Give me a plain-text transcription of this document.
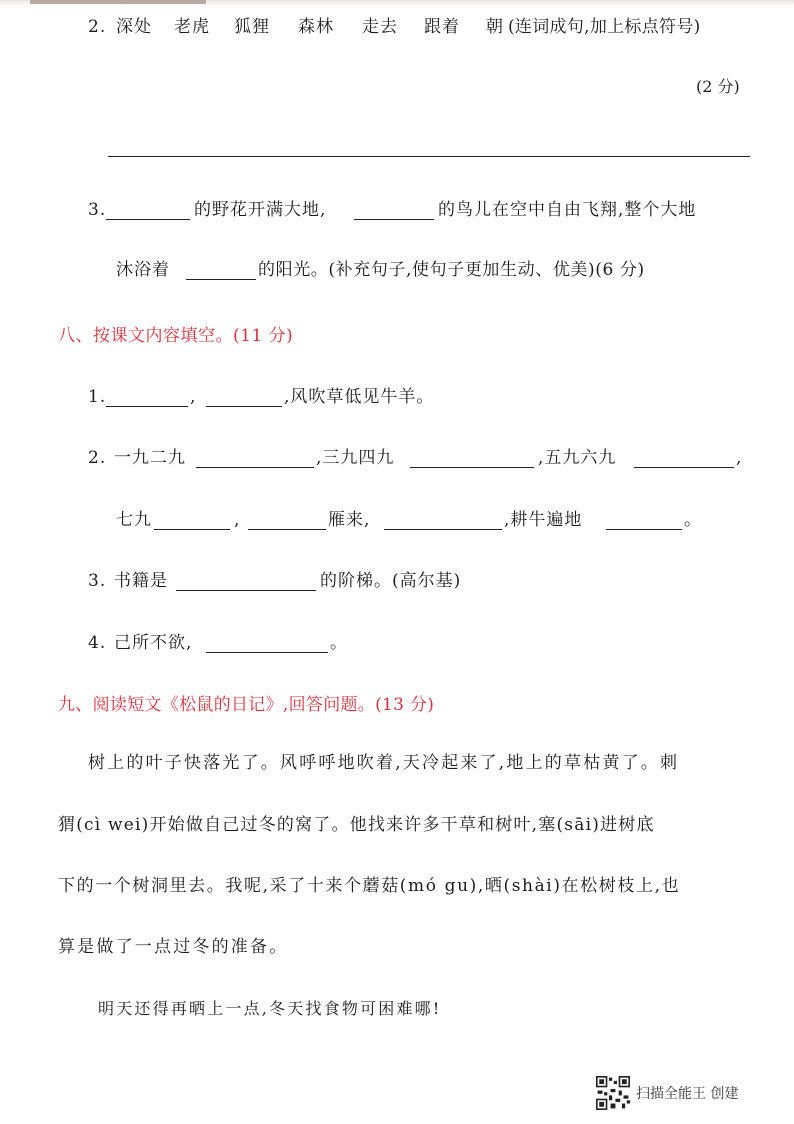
2. 深处 老虎 狐狸 森林 走去 跟着 朝 (连词成句,加上标点符号)
(2 分)
3.	的野花开满大地,	的鸟儿在空中自由飞翔,整个大地
沐浴着	的阳光。(补充句子,使句子更加生动、优美)(6 分)
八、按课文内容填空。(11 分)
1.	,	,风吹草低见牛羊。
2. 一九二九	,三九四九	,五九六九	,
七九	,	雁来,	,耕牛遍地	。
3. 书籍是	的阶梯。(高尔基)
4. 己所不欲,	。
九、阅读短文《松鼠的日记》,回答问题。(13 分)
树上的叶子快落光了。风呼呼地吹着,天冷起来了,地上的草枯黄了。刺
猬(cì wei)开始做自己过冬的窝了。他找来许多干草和树叶,塞(sāi)进树底
下的一个树洞里去。我呢,采了十来个蘑菇(mó gu),晒(shài)在松树枝上,也
算是做了一点过冬的准备。
明天还得再晒上一点,冬天找食物可困难哪!
扫描全能王 创建
